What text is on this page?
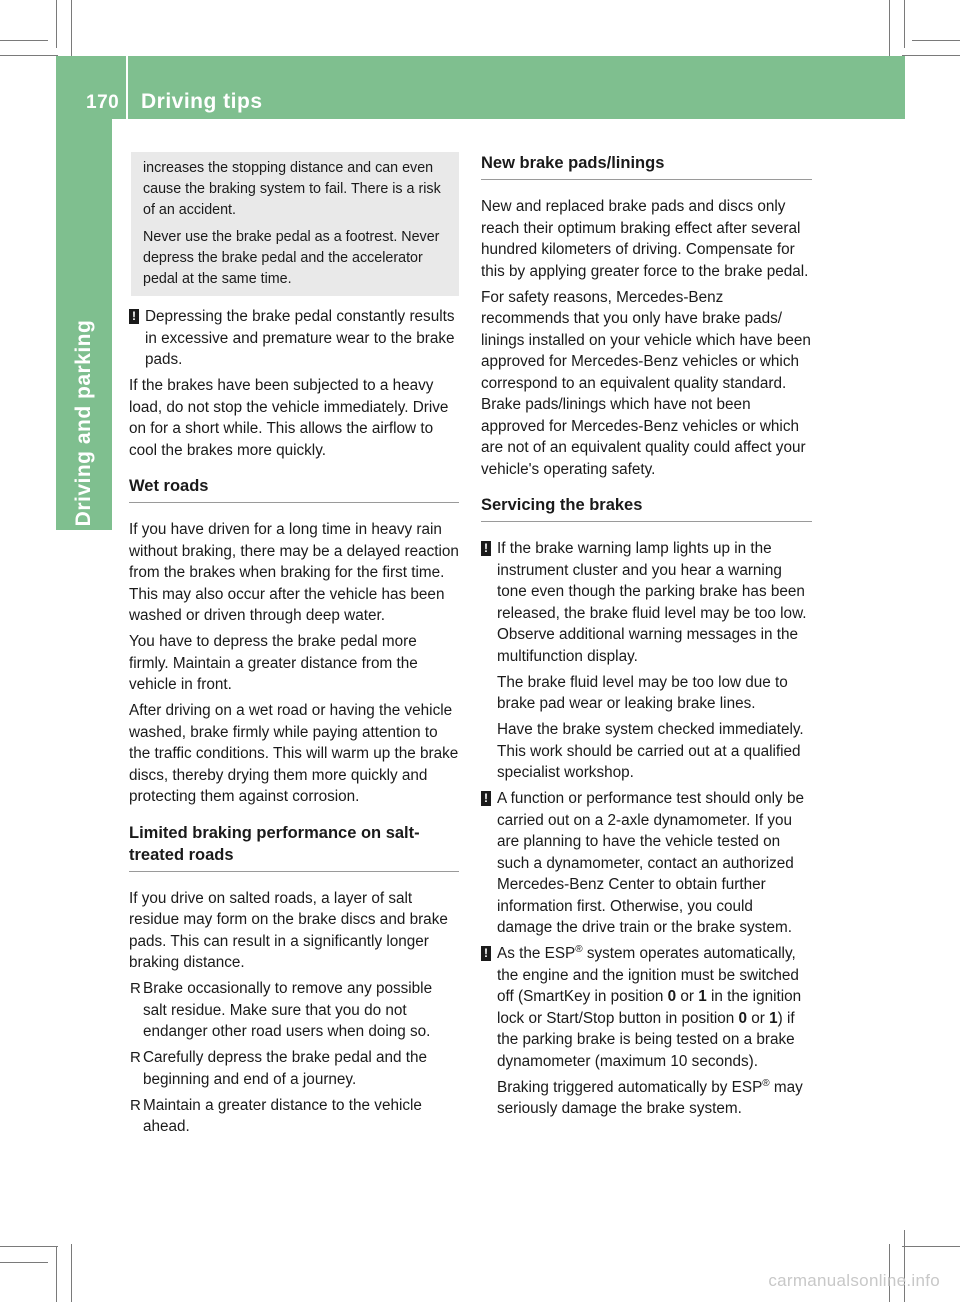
170 Driving tips
Driving and parking

increases the stopping distance and can even cause the braking system to fail. There is a risk of an accident.

Never use the brake pedal as a footrest. Never depress the brake pedal and the accelerator pedal at the same time.

! Depressing the brake pedal constantly results in excessive and premature wear to the brake pads.

If the brakes have been subjected to a heavy load, do not stop the vehicle immediately. Drive on for a short while. This allows the airflow to cool the brakes more quickly.

Wet roads

If you have driven for a long time in heavy rain without braking, there may be a delayed reaction from the brakes when braking for the first time. This may also occur after the vehicle has been washed or driven through deep water.

You have to depress the brake pedal more firmly. Maintain a greater distance from the vehicle in front.

After driving on a wet road or having the vehicle washed, brake firmly while paying attention to the traffic conditions. This will warm up the brake discs, thereby drying them more quickly and protecting them against corrosion.

Limited braking performance on salt-treated roads

If you drive on salted roads, a layer of salt residue may form on the brake discs and brake pads. This can result in a significantly longer braking distance.

R Brake occasionally to remove any possible salt residue. Make sure that you do not endanger other road users when doing so.
R Carefully depress the brake pedal and the beginning and end of a journey.
R Maintain a greater distance to the vehicle ahead.
New brake pads/linings

New and replaced brake pads and discs only reach their optimum braking effect after several hundred kilometers of driving. Compensate for this by applying greater force to the brake pedal.

For safety reasons, Mercedes-Benz recommends that you only have brake pads/ linings installed on your vehicle which have been approved for Mercedes-Benz vehicles or which correspond to an equivalent quality standard. Brake pads/linings which have not been approved for Mercedes-Benz vehicles or which are not of an equivalent quality could affect your vehicle's operating safety.

Servicing the brakes
! If the brake warning lamp lights up in the instrument cluster and you hear a warning tone even though the parking brake has been released, the brake fluid level may be too low. Observe additional warning messages in the multifunction display.

The brake fluid level may be too low due to brake pad wear or leaking brake lines.

Have the brake system checked immediately. This work should be carried out at a qualified specialist workshop.

! A function or performance test should only be carried out on a 2-axle dynamometer. If you are planning to have the vehicle tested on such a dynamometer, contact an authorized Mercedes-Benz Center to obtain further information first. Otherwise, you could damage the drive train or the brake system.

! As the ESP® system operates automatically, the engine and the ignition must be switched off (SmartKey in position 0 or 1 in the ignition lock or Start/Stop button in position 0 or 1) if the parking brake is being tested on a brake dynamometer (maximum 10 seconds).

Braking triggered automatically by ESP® may seriously damage the brake system.

carmanualsonline.info
